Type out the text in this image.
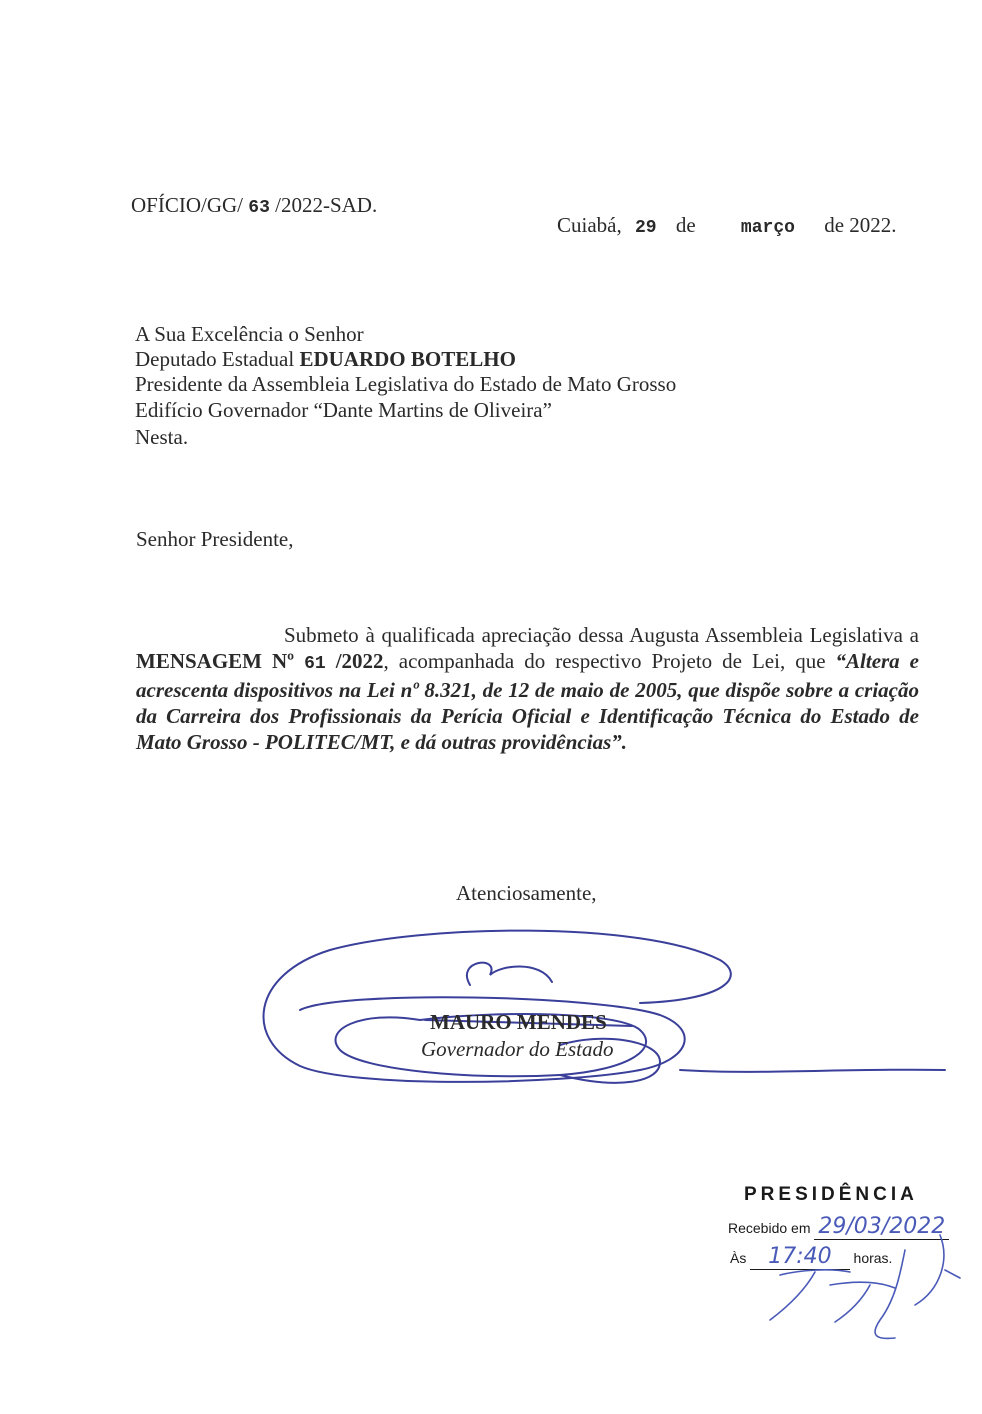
OFÍCIO/GG/ 63 /2022-SAD.
Cuiabá, 29 de	março de 2022.
A Sua Excelência o Senhor
Deputado Estadual EDUARDO BOTELHO
Presidente da Assembleia Legislativa do Estado de Mato Grosso
Edifício Governador “Dante Martins de Oliveira”
Nesta.
Senhor Presidente,
Submeto à qualificada apreciação dessa Augusta Assembleia Legislativa a MENSAGEM Nº 61 /2022, acompanhada do respectivo Projeto de Lei, que “Altera e acrescenta dispositivos na Lei nº 8.321, de 12 de maio de 2005, que dispõe sobre a criação da Carreira dos Profissionais da Perícia Oficial e Identificação Técnica do Estado de Mato Grosso - POLITEC/MT, e dá outras providências”.
Atenciosamente,
MAURO MENDES
Governador do Estado
PRESIDÊNCIA
Recebido em 29/03/2022
Às 17:40 horas.
